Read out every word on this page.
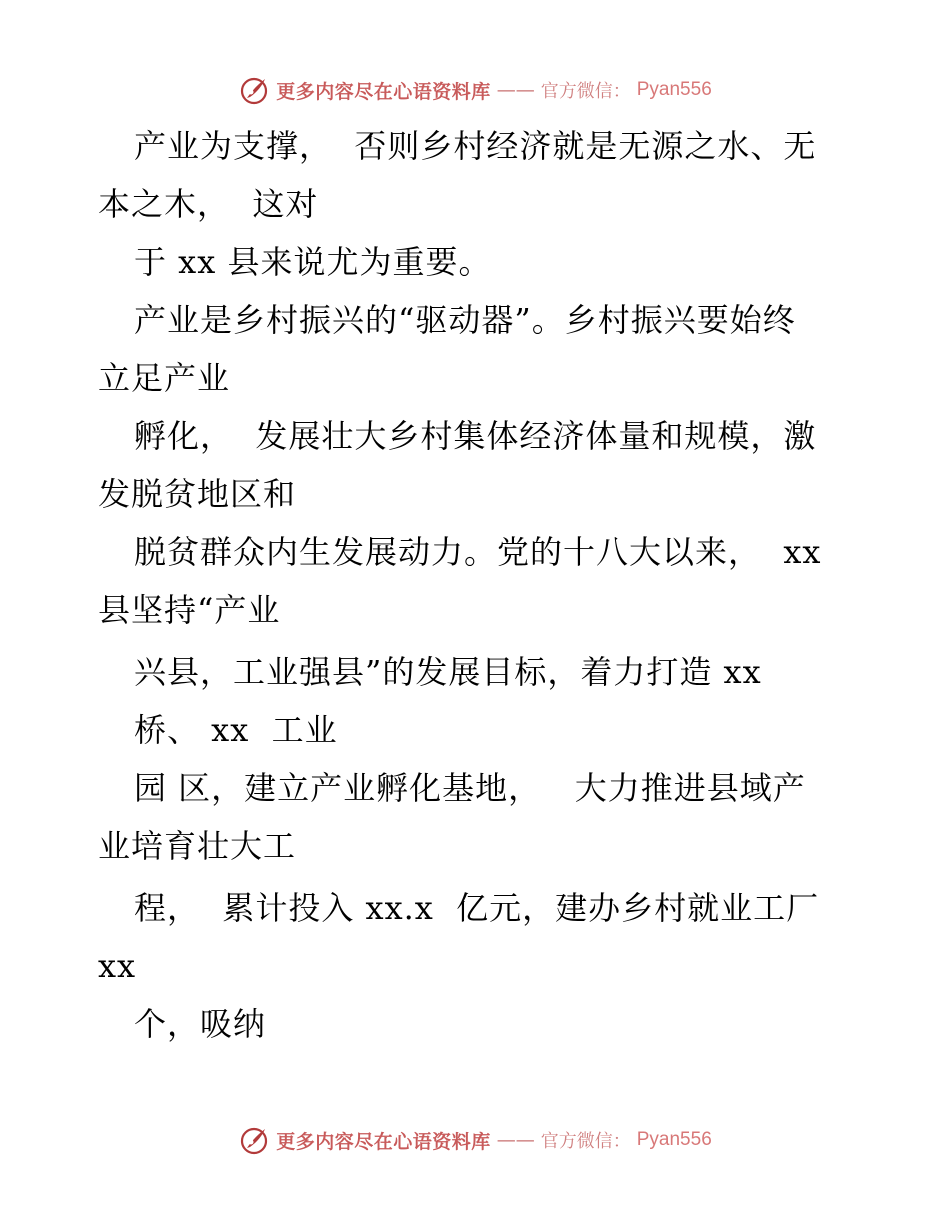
更多内容尽在心语资料库 —— 官方微信： Pyan556
产业为支撑，  否则乡村经济就是无源之水、无
本之木，  这对
于 xx 县来说尤为重要。
产业是乡村振兴的“驱动器”。乡村振兴要始终
立足产业
孵化，  发展壮大乡村集体经济体量和规模，激
发脱贫地区和
脱贫群众内生发展动力。党的十八大以来，  xx
县坚持“产业
兴县，工业强县”的发展目标，着力打造 xx
桥、 xx  工业
园 区，建立产业孵化基地，   大力推进县域产
业培育壮大工
程，  累计投入 xx.x  亿元，建办乡村就业工厂
xx
个，吸纳
更多内容尽在心语资料库 —— 官方微信： Pyan556
